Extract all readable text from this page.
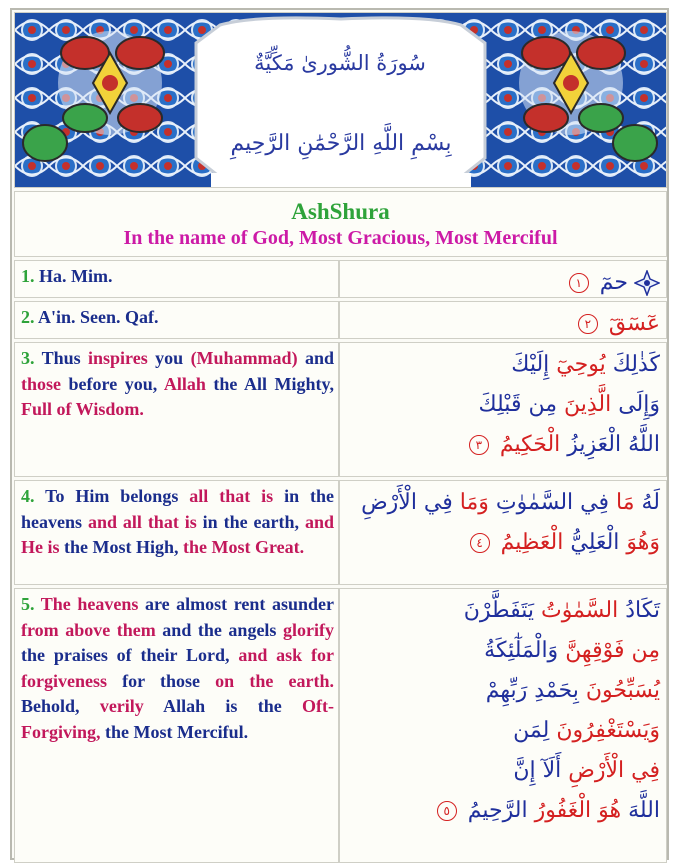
سُورَةُ الشُّورىٰ مَكِّيَّةٌ
بِسْمِ اللَّهِ الرَّحْمَٰنِ الرَّحِيمِ
AshShura
In the name of God, Most Gracious, Most Merciful
1. Ha. Mim.	حمٓ ١
2. A'in. Seen. Qaf.	عٓسٓقٓ ٢
3. Thus inspires you (Muhammad) and those before you, Allah the All Mighty, Full of Wisdom.
كَذٰلِكَ يُوحِيٓ إِلَيْكَ
وَإِلَى الَّذِينَ مِن قَبْلِكَ
اللَّهُ الْعَزِيزُ الْحَكِيمُ ٣
4. To Him belongs all that is in the heavens and all that is in the earth, and He is the Most High, the Most Great.
لَهُ مَا فِي السَّمٰوٰتِ وَمَا فِي الْأَرْضِ
وَهُوَ الْعَلِيُّ الْعَظِيمُ ٤
5. The heavens are almost rent asunder from above them and the angels glorify the praises of their Lord, and ask for forgiveness for those on the earth. Behold, verily Allah is the Oft-Forgiving, the Most Merciful.
تَكَادُ السَّمٰوٰتُ يَتَفَطَّرْنَ
مِن فَوْقِهِنَّ وَالْمَلٰٓئِكَةُ
يُسَبِّحُونَ بِحَمْدِ رَبِّهِمْ
وَيَسْتَغْفِرُونَ لِمَن
فِي الْأَرْضِ أَلَآ إِنَّ
اللَّهَ هُوَ الْغَفُورُ الرَّحِيمُ ٥
